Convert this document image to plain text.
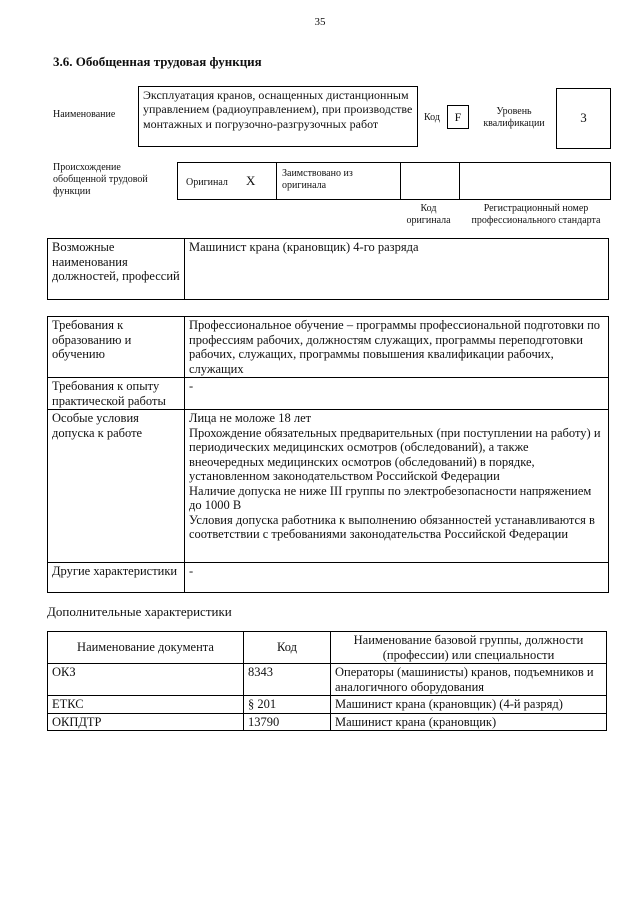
35
3.6. Обобщенная трудовая функция
Наименование
Эксплуатация кранов, оснащенных дистанционным управлением (радиоуправлением), при производстве монтажных и погрузочно-разгрузочных работ	Код	F	Уровень квалификации	3
Происхождение обобщенной трудовой функции
Оригинал X	Заимствовано из оригинала
Код оригинала
Регистрационный номер профессионального стандарта
Возможные наименования должностей, профессий	Машинист крана (крановщик) 4-го разряда
Требования к образованию и обучению	Профессиональное обучение – программы профессиональной подготовки по профессиям рабочих, должностям служащих, программы переподготовки рабочих, служащих, программы повышения квалификации рабочих, служащих
Требования к опыту практической работы	-
Особые условия допуска к работе	Лица не моложе 18 лет
Прохождение обязательных предварительных (при поступлении на работу) и периодических медицинских осмотров (обследований), а также внеочередных медицинских осмотров (обследований) в порядке, установленном законодательством Российской Федерации
Наличие допуска не ниже III группы по электробезопасности напряжением до 1000 В
Условия допуска работника к выполнению обязанностей устанавливаются в соответствии с требованиями законодательства Российской Федерации
Другие характеристики	-
Дополнительные характеристики
Наименование документа	Код	Наименование базовой группы, должности (профессии) или специальности
ОКЗ	8343	Операторы (машинисты) кранов, подъемников и аналогичного оборудования
ЕТКС	§ 201	Машинист крана (крановщик) (4-й разряд)
ОКПДТР	13790	Машинист крана (крановщик)
